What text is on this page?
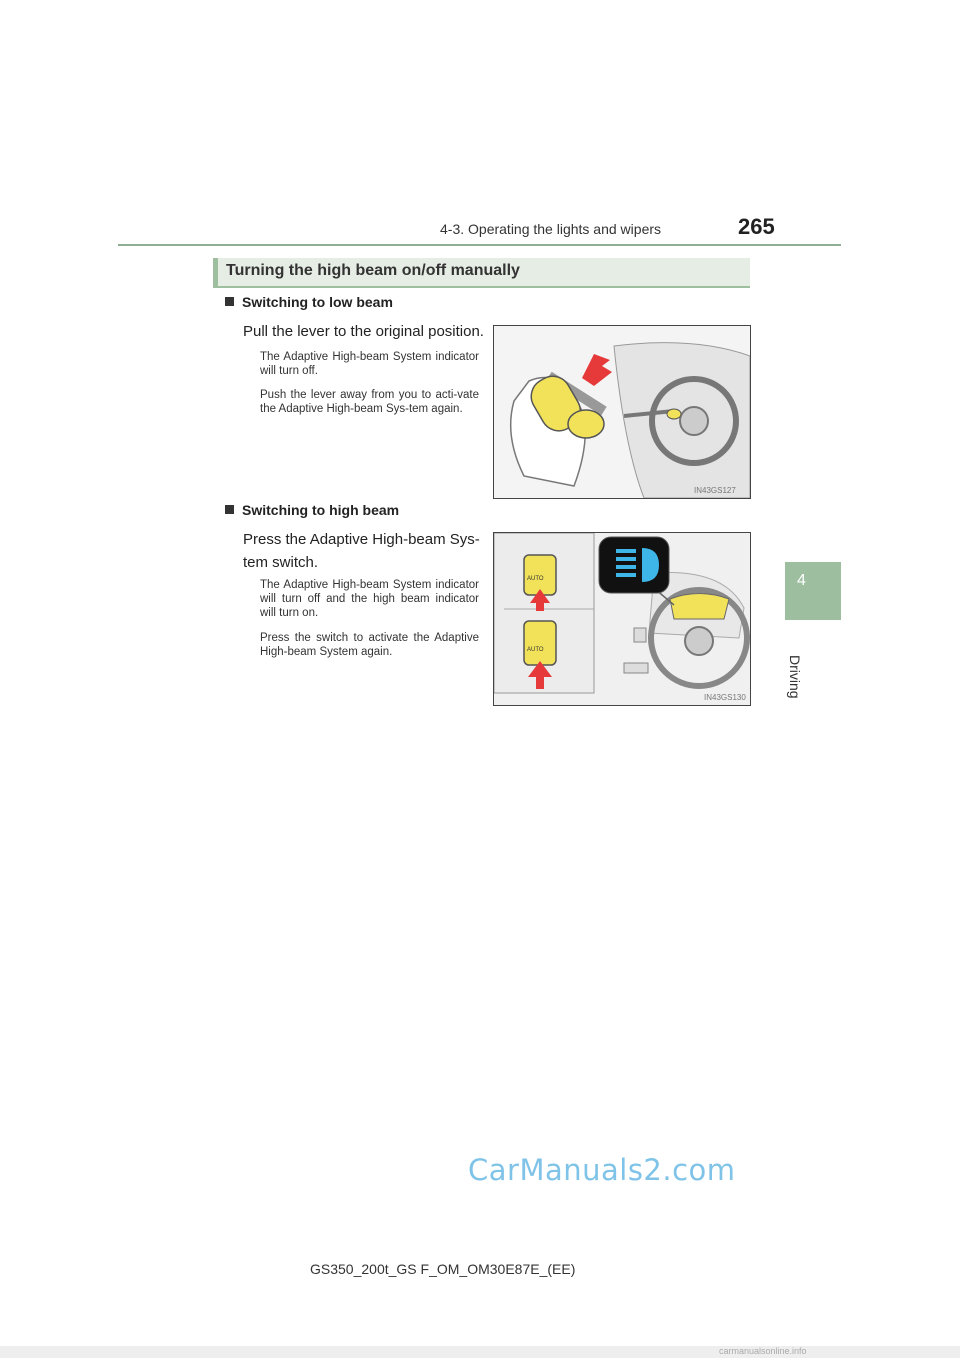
4-3. Operating the lights and wipers	265
4
Driving
Turning the high beam on/off manually
Switching to low beam
Pull the lever to the original position.
The Adaptive High-beam System indicator will turn off.
Push the lever away from you to acti-vate the Adaptive High-beam Sys-tem again.
IN43GS127
Switching to high beam
Press the Adaptive High-beam Sys-
tem switch.
The Adaptive High-beam System indicator will turn off and the high beam indicator will turn on.
Press the switch to activate the Adaptive High-beam System again.
AUTO
AUTO
IN43GS130
GS350_200t_GS F_OM_OM30E87E_(EE)
CarManuals2.com
carmanualsonline.info
